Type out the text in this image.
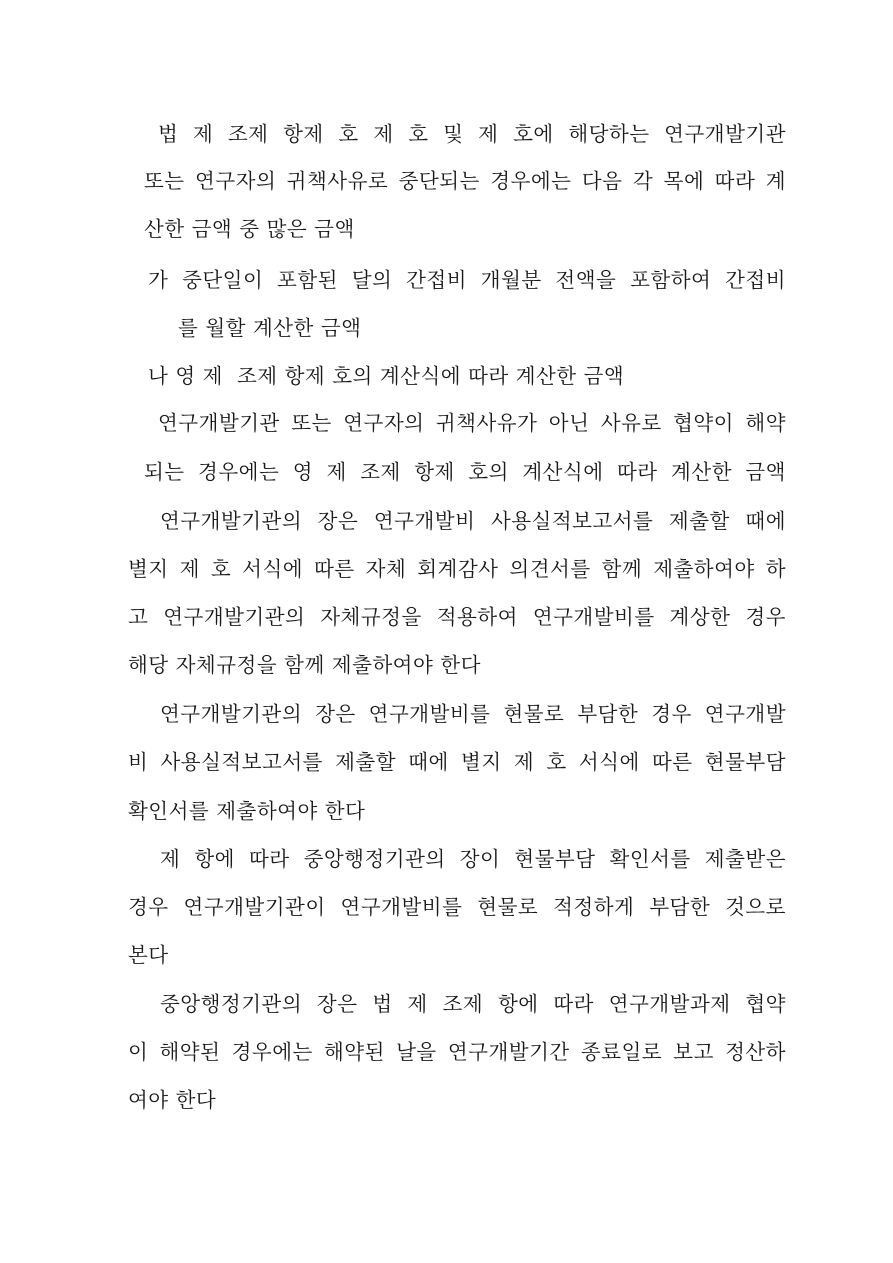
법 제 조제 항제 호 제 호 및 제 호에 해당하는 연구개발기관
또는 연구자의 귀책사유로 중단되는 경우에는 다음 각 목에 따라 계
산한 금액 중 많은 금액
가 중단일이 포함된 달의 간접비 개월분 전액을 포함하여 간접비
를 월할 계산한 금액
나 영 제  조제 항제 호의 계산식에 따라 계산한 금액
연구개발기관 또는 연구자의 귀책사유가 아닌 사유로 협약이 해약
되는 경우에는 영 제 조제 항제 호의 계산식에 따라 계산한 금액
연구개발기관의 장은 연구개발비 사용실적보고서를 제출할 때에
별지 제 호 서식에 따른 자체 회계감사 의견서를 함께 제출하여야 하
고 연구개발기관의 자체규정을 적용하여 연구개발비를 계상한 경우
해당 자체규정을 함께 제출하여야 한다
연구개발기관의 장은 연구개발비를 현물로 부담한 경우 연구개발
비 사용실적보고서를 제출할 때에 별지 제 호 서식에 따른 현물부담
확인서를 제출하여야 한다
제 항에 따라 중앙행정기관의 장이 현물부담 확인서를 제출받은
경우 연구개발기관이 연구개발비를 현물로 적정하게 부담한 것으로
본다
중앙행정기관의 장은 법 제 조제 항에 따라 연구개발과제 협약
이 해약된 경우에는 해약된 날을 연구개발기간 종료일로 보고 정산하
여야 한다
